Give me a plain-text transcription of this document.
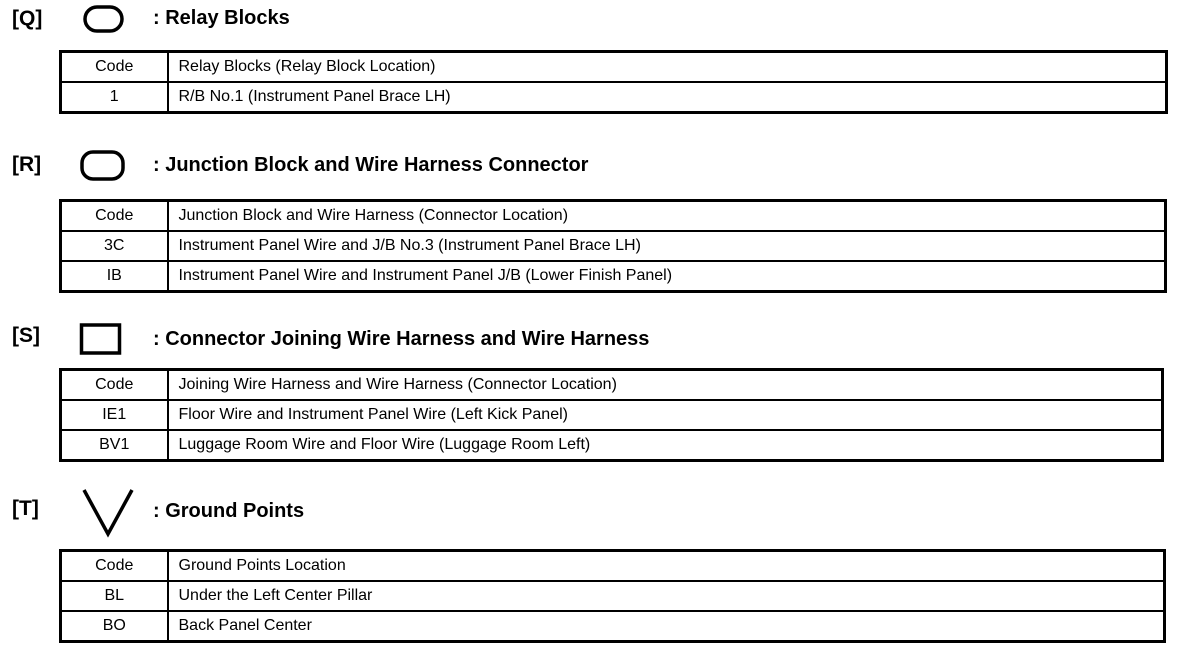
[Q]	: Relay Blocks
Code	Relay Blocks (Relay Block Location)
1	R/B No.1 (Instrument Panel Brace LH)
[R]	: Junction Block and Wire Harness Connector
Code	Junction Block and Wire Harness (Connector Location)
3C	Instrument Panel Wire and J/B No.3 (Instrument Panel Brace LH)
IB	Instrument Panel Wire and Instrument Panel J/B (Lower Finish Panel)
[S]	: Connector Joining Wire Harness and Wire Harness
Code	Joining Wire Harness and Wire Harness (Connector Location)
IE1	Floor Wire and Instrument Panel Wire (Left Kick Panel)
BV1	Luggage Room Wire and Floor Wire (Luggage Room Left)
[T]	: Ground Points
Code	Ground Points Location
BL	Under the Left Center Pillar
BO	Back Panel Center
